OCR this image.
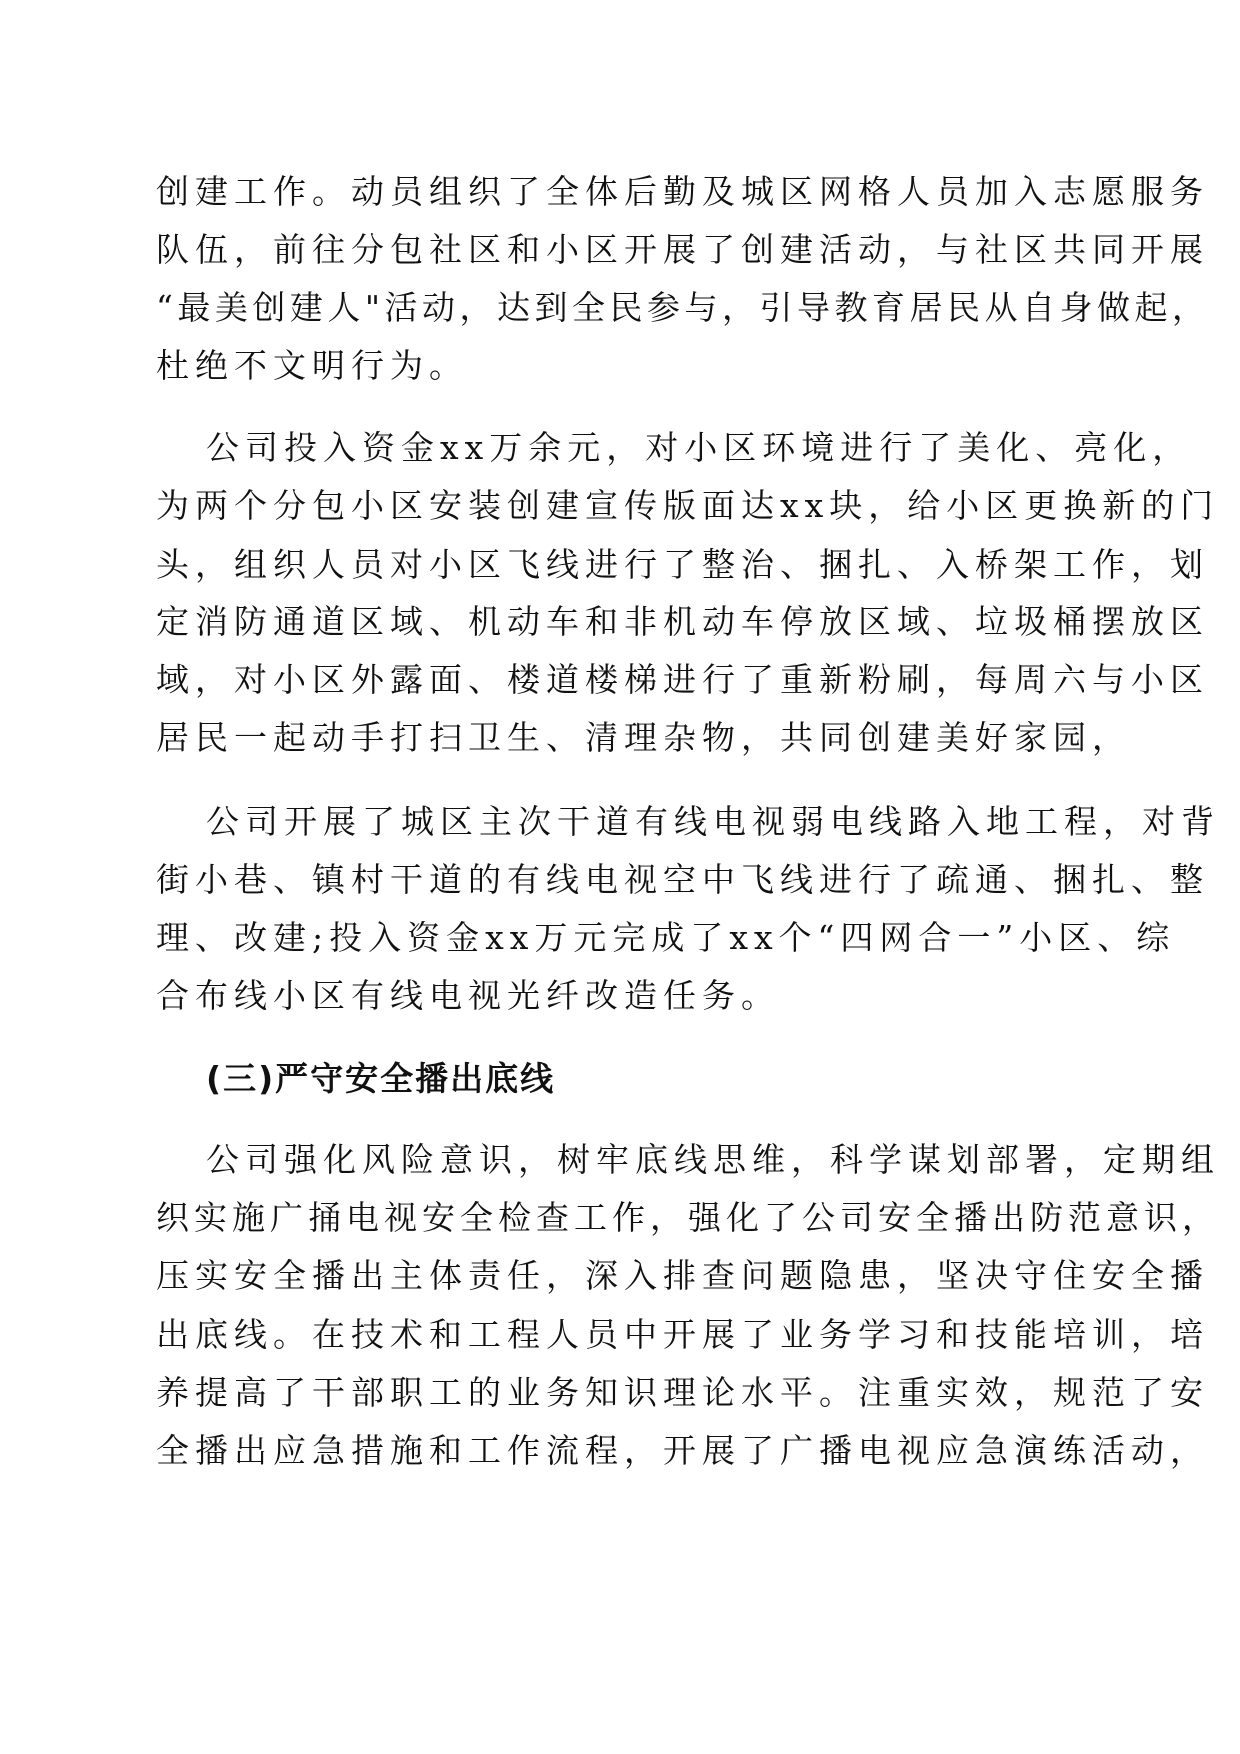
创建工作。动员组织了全体后勤及城区网格人员加入志愿服务
队伍，前往分包社区和小区开展了创建活动，与社区共同开展
“最美创建人"活动，达到全民参与，引导教育居民从自身做起，
杜绝不文明行为。
公司投入资金xx万余元，对小区环境进行了美化、亮化，
为两个分包小区安装创建宣传版面达xx块，给小区更换新的门
头，组织人员对小区飞线进行了整治、捆扎、入桥架工作，划
定消防通道区域、机动车和非机动车停放区域、垃圾桶摆放区
域，对小区外露面、楼道楼梯进行了重新粉刷，每周六与小区
居民一起动手打扫卫生、清理杂物，共同创建美好家园，
公司开展了城区主次干道有线电视弱电线路入地工程，对背
街小巷、镇村干道的有线电视空中飞线进行了疏通、捆扎、整
理、改建;投入资金xx万元完成了xx个“四网合一”小区、综
合布线小区有线电视光纤改造任务。
(三)严守安全播出底线
公司强化风险意识，树牢底线思维，科学谋划部署，定期组
织实施广捅电视安全检查工作，强化了公司安全播出防范意识，
压实安全播出主体责任，深入排查问题隐患，坚决守住安全播
出底线。在技术和工程人员中开展了业务学习和技能培训，培
养提高了干部职工的业务知识理论水平。注重实效，规范了安
全播出应急措施和工作流程，开展了广播电视应急演练活动，
